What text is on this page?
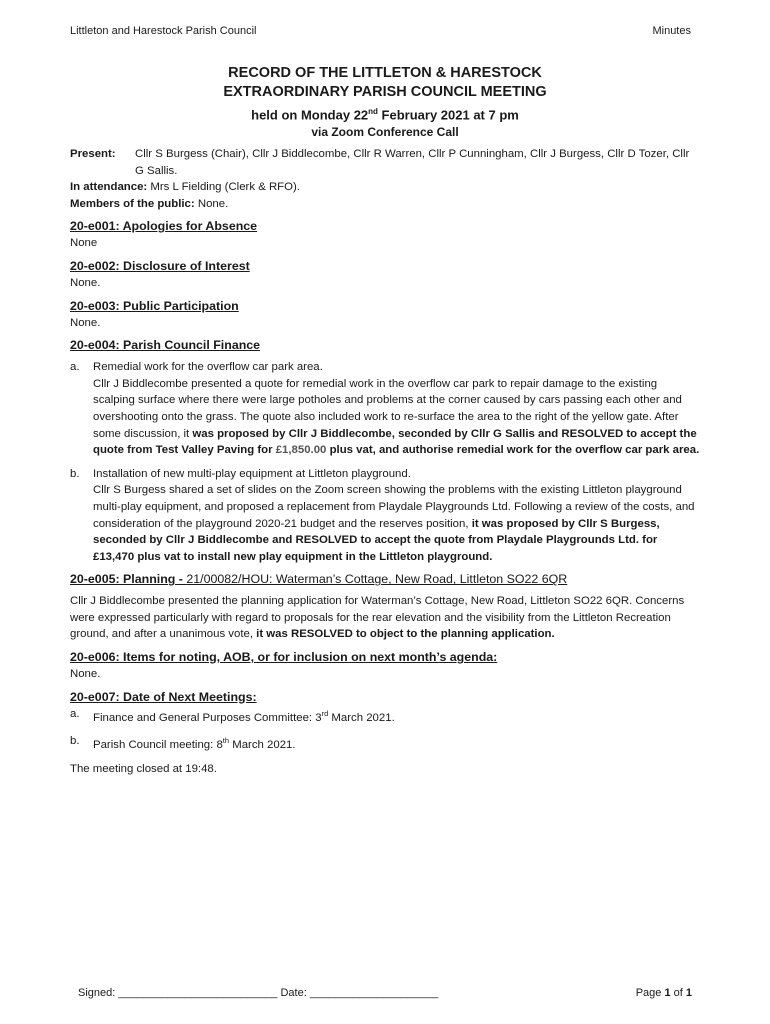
Littleton and Harestock Parish Council	Minutes
RECORD OF THE LITTLETON & HARESTOCK
EXTRAORDINARY PARISH COUNCIL MEETING
held on Monday 22nd February 2021 at 7 pm
via Zoom Conference Call
Present:	Cllr S Burgess (Chair), Cllr J Biddlecombe, Cllr R Warren, Cllr P Cunningham, Cllr J Burgess, Cllr D Tozer, Cllr G Sallis.
In attendance: Mrs L Fielding (Clerk & RFO).
Members of the public: None.
20-e001: Apologies for Absence
None
20-e002: Disclosure of Interest
None.
20-e003: Public Participation
None.
20-e004: Parish Council Finance
a.	Remedial work for the overflow car park area.
Cllr J Biddlecombe presented a quote for remedial work in the overflow car park to repair damage to the existing scalping surface where there were large potholes and problems at the corner caused by cars passing each other and overshooting onto the grass. The quote also included work to re-surface the area to the right of the yellow gate. After some discussion, it was proposed by Cllr J Biddlecombe, seconded by Cllr G Sallis and RESOLVED to accept the quote from Test Valley Paving for £1,850.00 plus vat, and authorise remedial work for the overflow car park area.
b.	Installation of new multi-play equipment at Littleton playground.
Cllr S Burgess shared a set of slides on the Zoom screen showing the problems with the existing Littleton playground multi-play equipment, and proposed a replacement from Playdale Playgrounds Ltd. Following a review of the costs, and consideration of the playground 2020-21 budget and the reserves position, it was proposed by Cllr S Burgess, seconded by Cllr J Biddlecombe and RESOLVED to accept the quote from Playdale Playgrounds Ltd. for £13,470 plus vat to install new play equipment in the Littleton playground.
20-e005: Planning - 21/00082/HOU: Waterman’s Cottage, New Road, Littleton SO22 6QR
Cllr J Biddlecombe presented the planning application for Waterman’s Cottage, New Road, Littleton SO22 6QR. Concerns were expressed particularly with regard to proposals for the rear elevation and the visibility from the Littleton Recreation ground, and after a unanimous vote, it was RESOLVED to object to the planning application.
20-e006: Items for noting, AOB, or for inclusion on next month’s agenda:
None.
20-e007: Date of Next Meetings:
a.	Finance and General Purposes Committee: 3rd March 2021.
b.	Parish Council meeting: 8th March 2021.
The meeting closed at 19:48.
Signed: __________________________ Date: _____________________	Page 1 of 1
